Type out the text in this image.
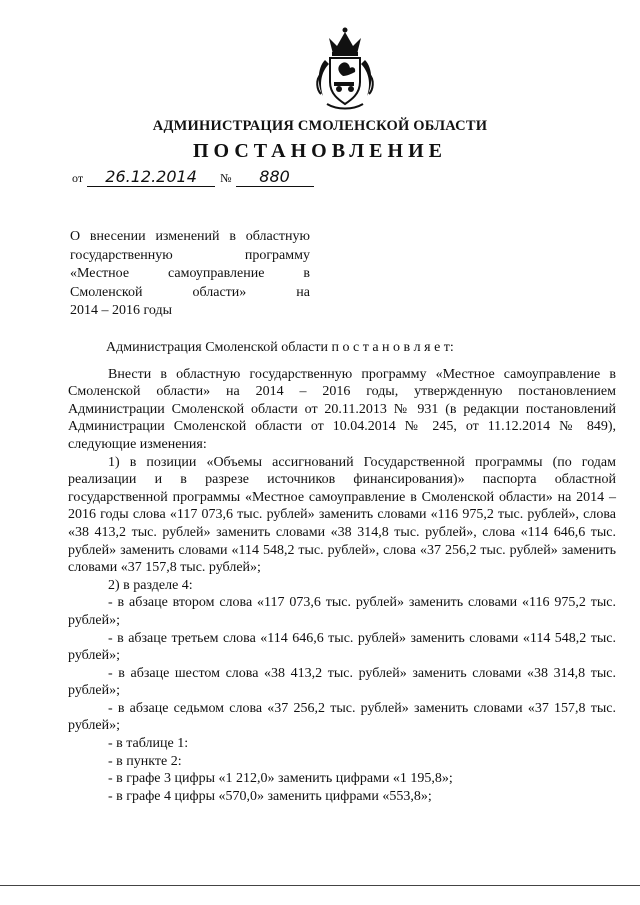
АДМИНИСТРАЦИЯ СМОЛЕНСКОЙ ОБЛАСТИ
ПОСТАНОВЛЕНИЕ
от 26.12.2014 № 880
О внесении изменений в областную
государственную программу
«Местное самоуправление в
Смоленской области» на
2014 – 2016 годы

Администрация Смоленской области п о с т а н о в л я е т:

Внести в областную государственную программу «Местное самоуправление в Смоленской области» на 2014 – 2016 годы, утвержденную постановлением Администрации Смоленской области от 20.11.2013 № 931 (в редакции постановлений Администрации Смоленской области от 10.04.2014 № 245, от 11.12.2014 № 849), следующие изменения:

1) в позиции «Объемы ассигнований Государственной программы (по годам реализации и в разрезе источников финансирования)» паспорта областной государственной программы «Местное самоуправление в Смоленской области» на 2014 – 2016 годы слова «117 073,6 тыс. рублей» заменить словами «116 975,2 тыс. рублей», слова «38 413,2 тыс. рублей» заменить словами «38 314,8 тыс. рублей», слова «114 646,6 тыс. рублей» заменить словами «114 548,2 тыс. рублей», слова «37 256,2 тыс. рублей» заменить словами «37 157,8 тыс. рублей»;

2) в разделе 4:

- в абзаце втором слова «117 073,6 тыс. рублей» заменить словами «116 975,2 тыс. рублей»;

- в абзаце третьем слова «114 646,6 тыс. рублей» заменить словами «114 548,2 тыс. рублей»;

- в абзаце шестом слова «38 413,2 тыс. рублей» заменить словами «38 314,8 тыс. рублей»;

- в абзаце седьмом слова «37 256,2 тыс. рублей» заменить словами «37 157,8 тыс. рублей»;

- в таблице 1:

- в пункте 2:

- в графе 3 цифры «1 212,0» заменить цифрами «1 195,8»;

- в графе 4 цифры «570,0» заменить цифрами «553,8»;
